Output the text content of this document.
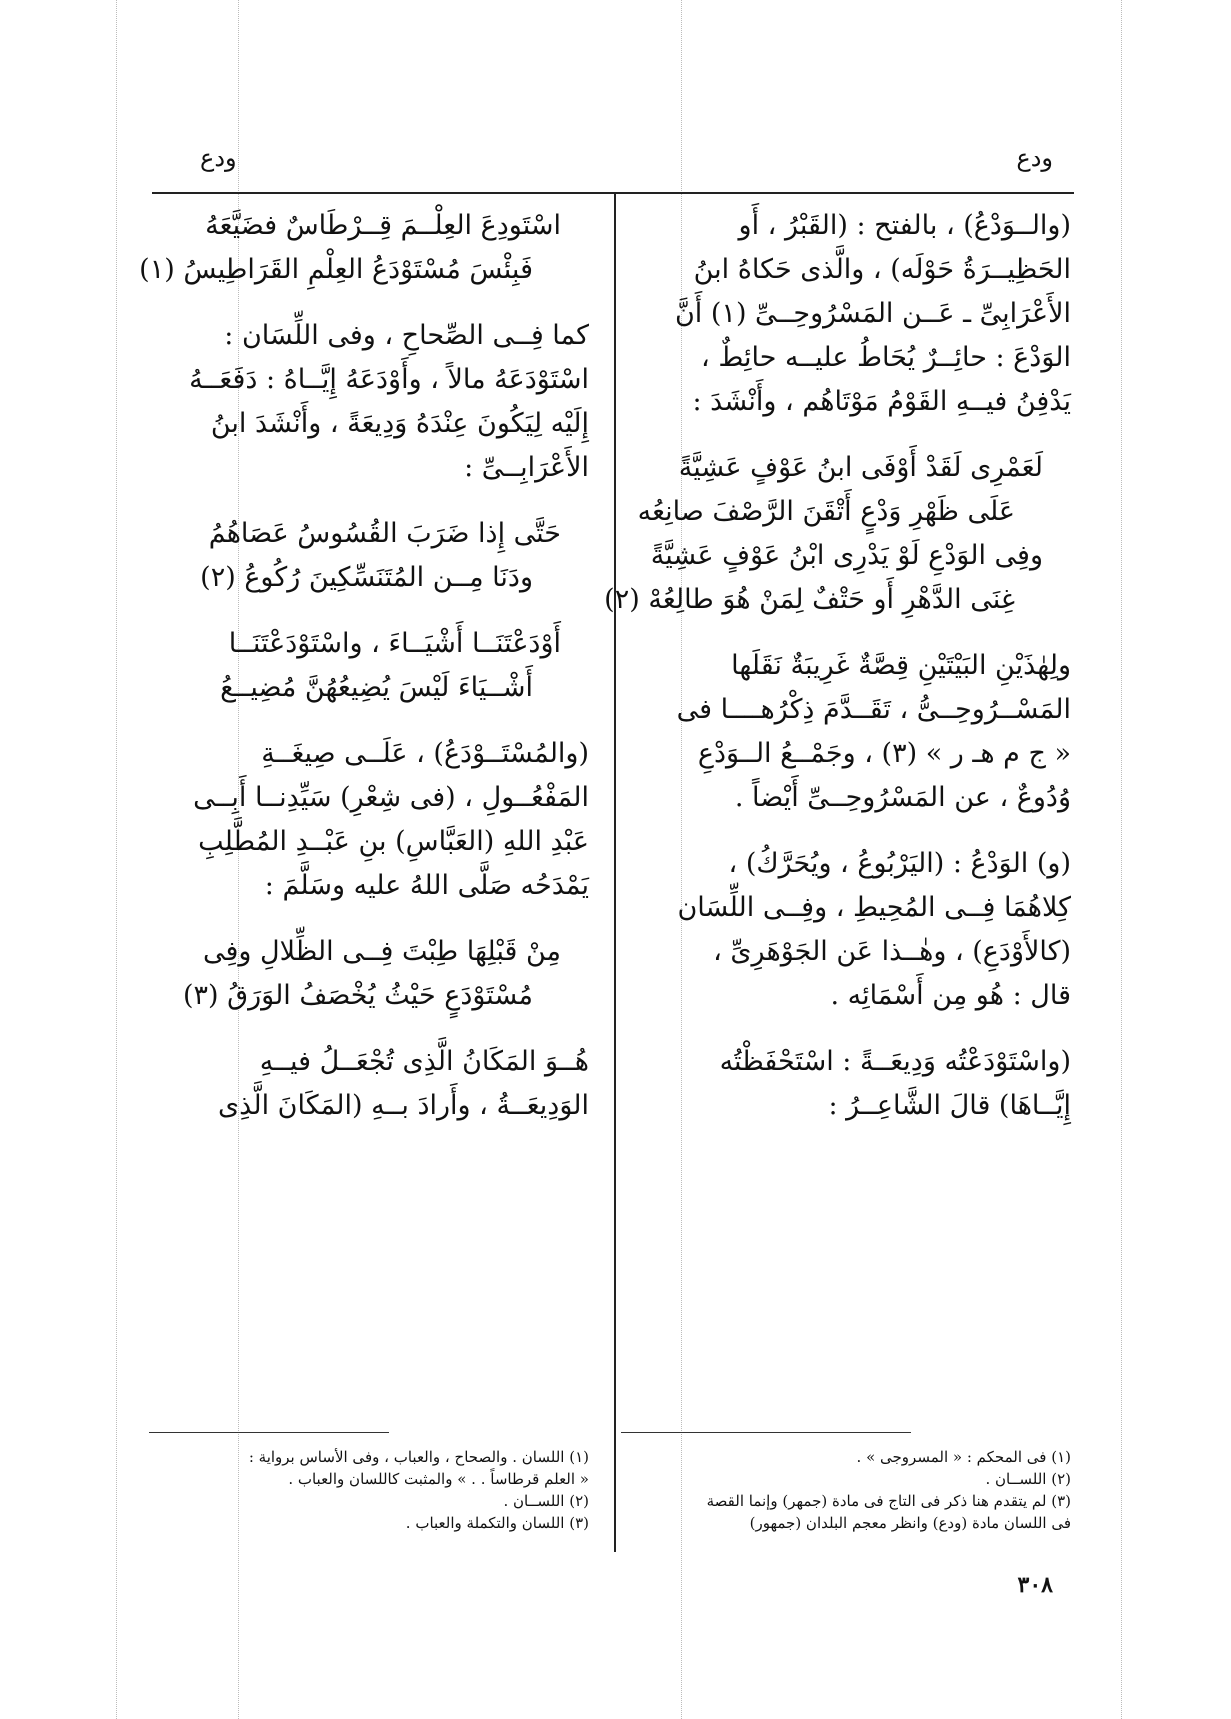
ودع
ودع
(والــوَدْعُ) ، بالفتح : (القَبْرُ ، أَو
الحَظِيــرَةُ حَوْلَه) ، والَّذى حَكاهُ ابنُ
الأَعْرَابِىِّ ـ عَــن المَسْرُوحِــىِّ (١) أَنَّ
الوَدْعَ : حائِــرٌ يُحَاطُ عليــه حائِطٌ ،
يَدْفِنُ فيــهِ القَوْمُ مَوْتَاهُم ، وأَنْشَدَ :
لَعَمْرِى لَقَدْ أَوْفَى ابنُ عَوْفٍ عَشِيَّةً
عَلَى ظَهْرِ وَدْعٍ أَتْقَنَ الرَّصْفَ صانِعُه
وفِى الوَدْعِ لَوْ يَدْرِى ابْنُ عَوْفٍ عَشِيَّةً
غِنَى الدَّهْرِ أَو حَتْفٌ لِمَنْ هُوَ طالِعُهْ (٢)
ولِهٰذَيْنِ البَيْتَيْنِ قِصَّةٌ غَرِيبَةٌ نَقَلَها
المَسْــرُوحِــىُّ ، تَقَــدَّمَ ذِكْرُهــــا فى
« ج م هـ ر » (٣) ، وجَمْــعُ الــوَدْعِ
وُدُوعٌ ، عن المَسْرُوحِــىِّ أَيْضاً .
(و) الوَدْعُ : (اليَرْبُوعُ ، ويُحَرَّكُ) ،
كِلاهُمَا فِــى المُحِيطِ ، وفِــى اللِّسَان
(كالأَوْدَعِ) ، وهٰــذا عَن الجَوْهَرِىِّ ،
قال : هُو مِن أَسْمَائِه .
(واسْتَوْدَعْتُه وَدِيعَــةً : اسْتَحْفَظْتُه
إِيَّــاهَا) قالَ الشَّاعِــرُ :
اسْتَودِعَ العِلْــمَ قِــرْطَاسٌ فضَيَّعَهُ
فَبِئْسَ مُسْتَوْدَعُ العِلْمِ القَرَاطِيسُ (١)
كما فِــى الصِّحاحِ ، وفى اللِّسَان :
اسْتَوْدَعَهُ مالاً ، وأَوْدَعَهُ إِيَّــاهُ : دَفَعَــهُ
إِلَيْه لِيَكُونَ عِنْدَهُ وَدِيعَةً ، وأَنْشَدَ ابنُ
الأَعْرَابِــىِّ :
حَتَّى إِذا ضَرَبَ القُسُوسُ عَصَاهُمُ
ودَنَا مِــن المُتَنَسِّكِينَ رُكُوعُ (٢)
أَوْدَعْتَنَــا أَشْيَــاءَ ، واسْتَوْدَعْتَنَــا
أَشْــيَاءَ لَيْسَ يُضِيعُهُنَّ مُضِيــعُ
(والمُسْتَــوْدَعُ) ، عَلَــى صِيغَــةِ
المَفْعُــولِ ، (فى شِعْرِ) سَيِّدِنــا أَبِــى
عَبْدِ اللهِ (العَبَّاسِ) بنِ عَبْــدِ المُطَّلِبِ
يَمْدَحُه صَلَّى اللهُ عليه وسَلَّمَ :
مِنْ قَبْلِهَا طِبْتَ فِــى الظِّلالِ وفِى
مُسْتَوْدَعٍ حَيْثُ يُخْصَفُ الوَرَقُ (٣)
هُــوَ المَكَانُ الَّذِى تُجْعَــلُ فيــهِ
الوَدِيعَــةُ ، وأَرادَ بــهِ (المَكَانَ الَّذِى
(١) فى المحكم : « المسروجى » .
(٢) اللســان .
(٣) لم يتقدم هنا ذكر فى التاج فى مادة (جمهر) وإنما القصة
فى اللسان مادة (ودع) وانظر معجم البلدان (جمهور)
(١) اللسان . والصحاح ، والعباب ، وفى الأساس برواية :
« العلم قرطاساً . . » والمثبت كاللسان والعباب .
(٢) اللســان .
(٣) اللسان والتكملة والعباب .
٣٠٨
